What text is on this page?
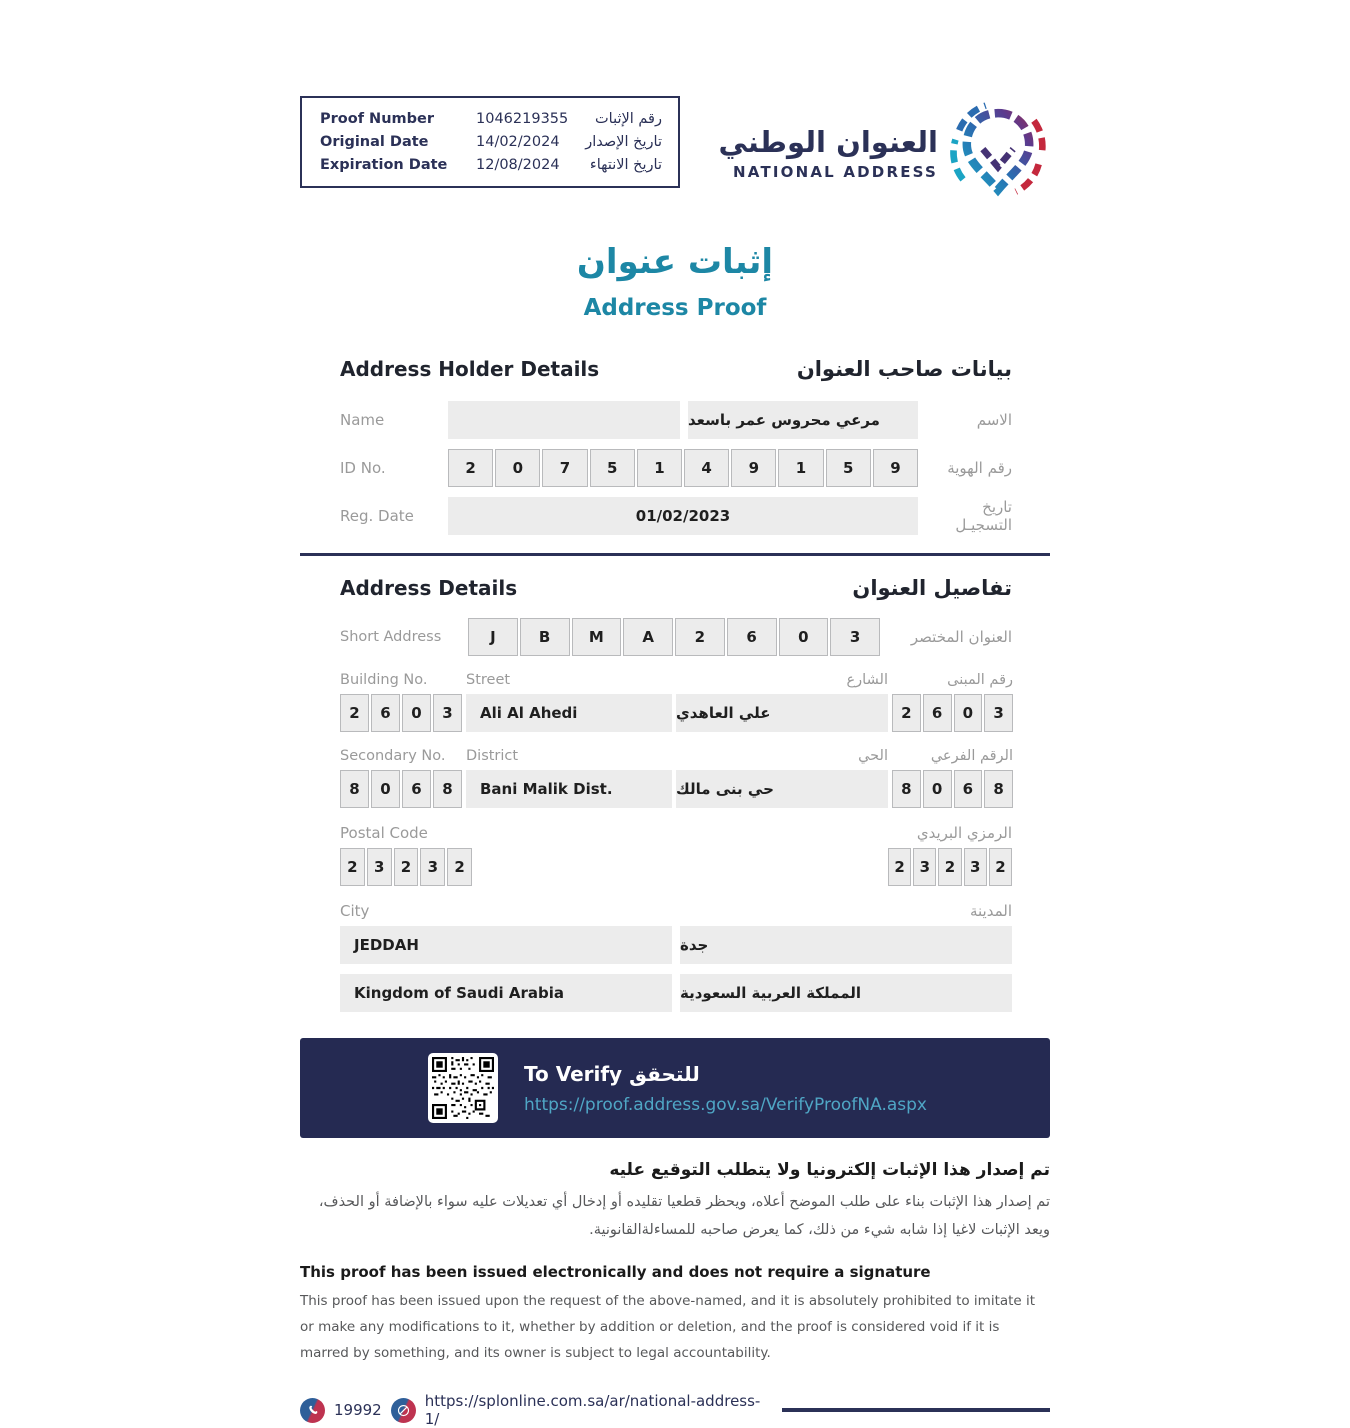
Proof Number	1046219355	رقم الإثبات
Original Date	14/02/2024	تاريخ الإصدار
Expiration Date	12/08/2024	تاريخ الانتهاء
العنوان الوطني
NATIONAL ADDRESS
إثبات عنوان
Address Proof
Address Holder Details	بيانات صاحب العنوان
Name	مرعي محروس عمر باسعد	الاسم
ID No.	2	0	7	5	1	4	9	1	5	9	رقم الهوية
Reg. Date	01/02/2023	تاريخ التسجيـل
Address Details	تفاصيل العنوان
Short Address	J	B	M	A	2	6	0	3	العنوان المختصر
Building No.	Street	الشارع	رقم المبنى
2	6	0	3	Ali Al Ahedi	علي العاهدي	2	6	0	3
Secondary No.	District	الحي	الرقم الفرعي
8	0	6	8	Bani Malik Dist.	حي بنى مالك	8	0	6	8
Postal Code	الرمزي البريدي
2	3	2	3	2	2 3 2 3 2
City	المدينة
JEDDAH	جدة
Kingdom of Saudi Arabia	المملكة العربية السعودية
To Verify للتحقق
https://proof.address.gov.sa/VerifyProofNA.aspx
تم إصدار هذا الإثبات إلكترونيا ولا يتطلب التوقيع عليه
تم إصدار هذا الإثبات بناء على طلب الموضح أعلاه، ويحظر قطعيا تقليده أو إدخال أي تعديلات عليه سواء بالإضافة أو الحذف، ويعد الإثبات لاغيا إذا شابه شيء من ذلك، كما يعرض صاحبه للمساءلةالقانونية.
This proof has been issued electronically and does not require a signature
This proof has been issued upon the request of the above-named, and it is absolutely prohibited to imitate it or make any modifications to it, whether by addition or deletion, and the proof is considered void if it is marred by something, and its owner is subject to legal accountability.
19992	https://splonline.com.sa/ar/national-address-1/
